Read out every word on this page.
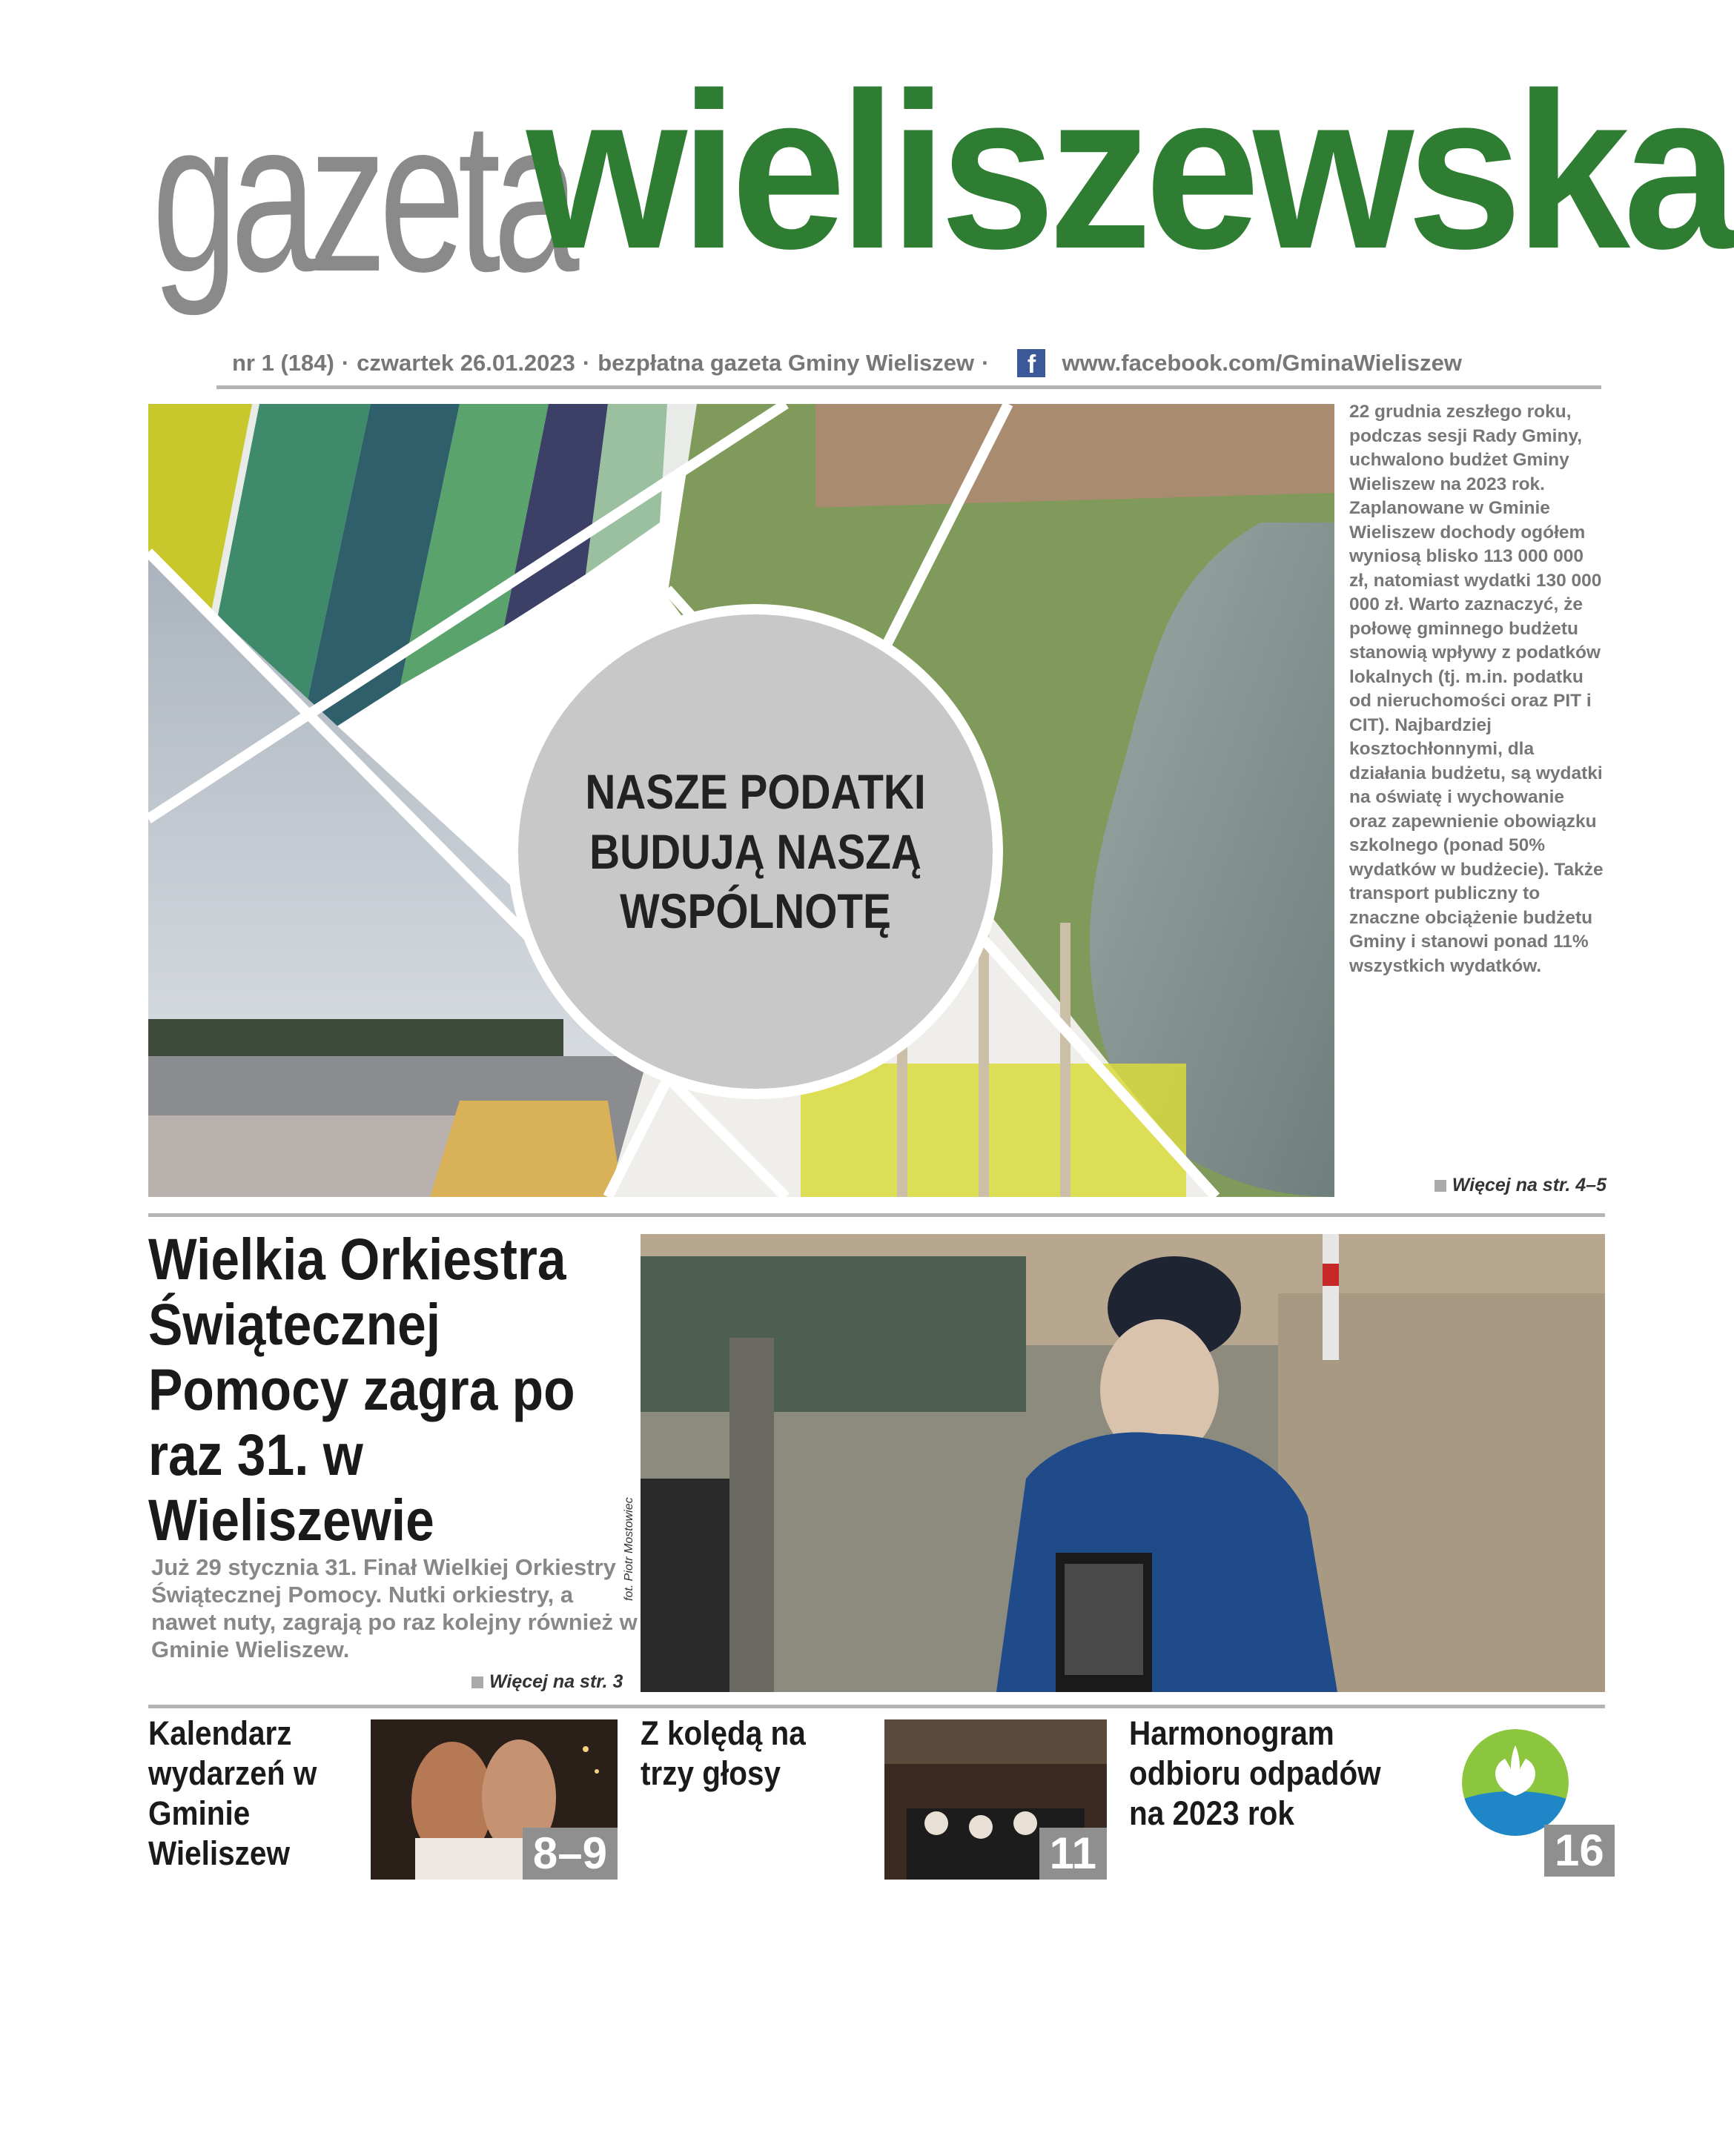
gazeta
wieliszewska
nr 1 (184) · czwartek 26.01.2023 · bezpłatna gazeta Gminy Wieliszew ·	f	www.facebook.com/GminaWieliszew
NASZE PODATKI BUDUJĄ NASZĄ WSPÓLNOTĘ
22 grudnia zeszłego roku, podczas sesji Rady Gminy, uchwalono budżet Gminy Wieliszew na 2023 rok. Zaplanowane w Gminie Wieliszew dochody ogółem wyniosą blisko 113 000 000 zł, natomiast wydatki 130 000 000 zł. Warto zaznaczyć, że połowę gminnego budżetu stanowią wpływy z podatków lokalnych (tj. m.in. podatku od nieruchomości oraz PIT i CIT). Najbardziej kosztochłonnymi, dla działania budżetu, są wydatki na oświatę i wychowanie oraz zapewnienie obowiązku szkolnego (ponad 50% wydatków w budżecie). Także transport publiczny to znaczne obciążenie budżetu Gminy i stanowi ponad 11% wszystkich wydatków.
Więcej na str. 4–5
Wielkia Orkiestra Świątecznej Pomocy zagra po raz 31. w Wieliszewie
Już 29 stycznia 31. Finał Wielkiej Orkiestry Świątecznej Pomocy. Nutki orkiestry, a nawet nuty, zagrają po raz kolejny również w Gminie Wieliszew.
Więcej na str. 3
fot. Piotr Mostowiec
Kalendarz wydarzeń w Gminie Wieliszew	8–9
Z kolędą na trzy głosy
11
Harmonogram odbioru odpadów na 2023 rok
16
